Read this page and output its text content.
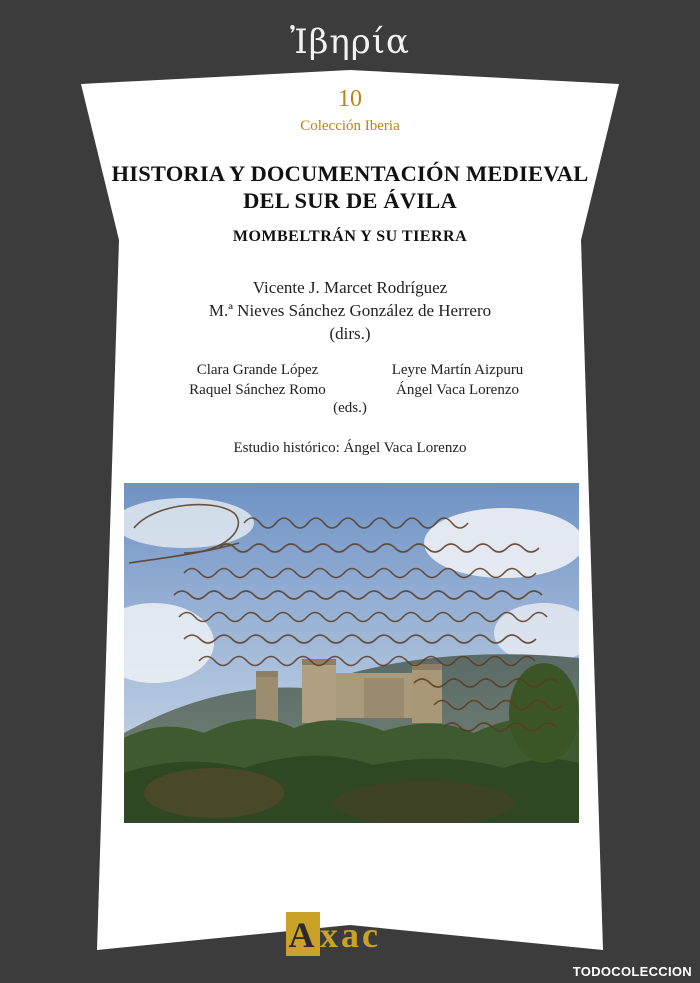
Ἰβηρία
10
Colección Iberia
HISTORIA Y DOCUMENTACIÓN MEDIEVAL
DEL SUR DE ÁVILA
MOMBELTRÁN Y SU TIERRA
Vicente J. Marcet Rodríguez
M.ª Nieves Sánchez González de Herrero
(dirs.)
Clara Grande López
Raquel Sánchez Romo
Leyre Martín Aizpuru
Ángel Vaca Lorenzo
(eds.)
Estudio histórico: Ángel Vaca Lorenzo
Axac
TODOCOLECCION
